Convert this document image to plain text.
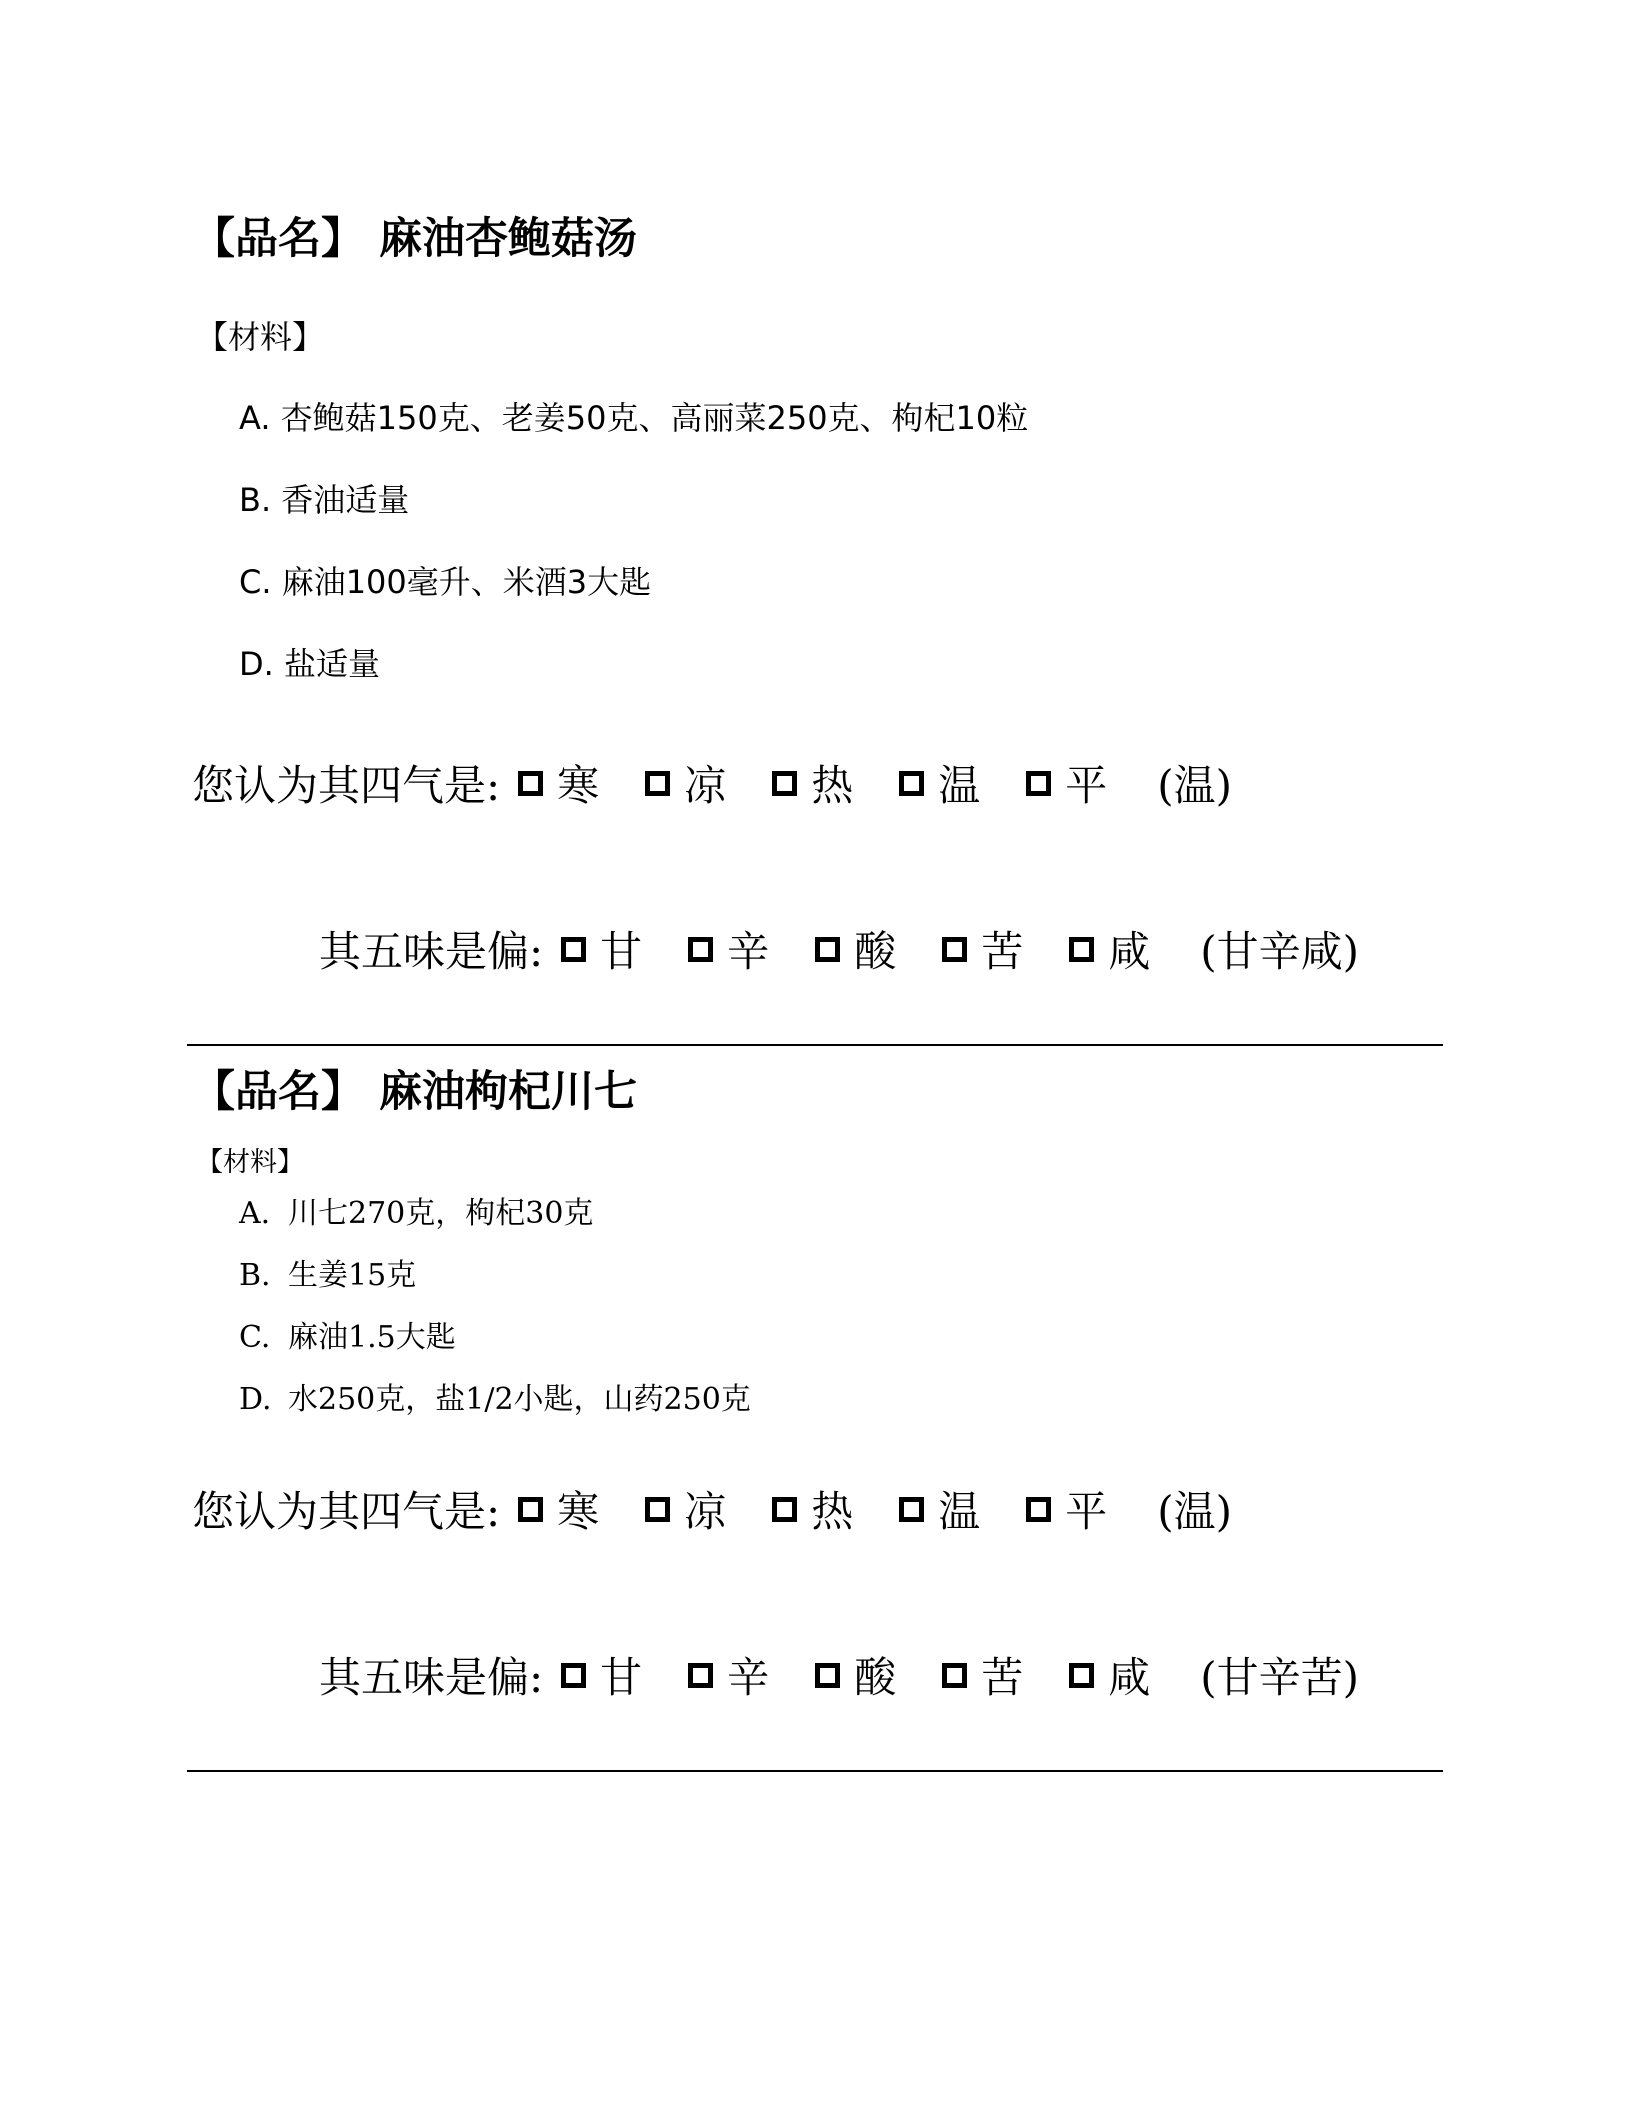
【品名】 麻油杏鲍菇汤
【材料】
A. 杏鲍菇150克、老姜50克、高丽菜250克、枸杞10粒
B. 香油适量
C. 麻油100毫升、米酒3大匙
D. 盐适量
您认为其四气是: 寒 凉 热 温 平 (温)
其五味是偏: 甘 辛 酸 苦 咸 (甘辛咸)
【品名】 麻油枸杞川七
【材料】
A. 川七270克，枸杞30克
B. 生姜15克
C. 麻油1.5大匙
D. 水250克，盐1/2小匙，山药250克
您认为其四气是: 寒 凉 热 温 平 (温)
其五味是偏: 甘 辛 酸 苦 咸 (甘辛苦)
